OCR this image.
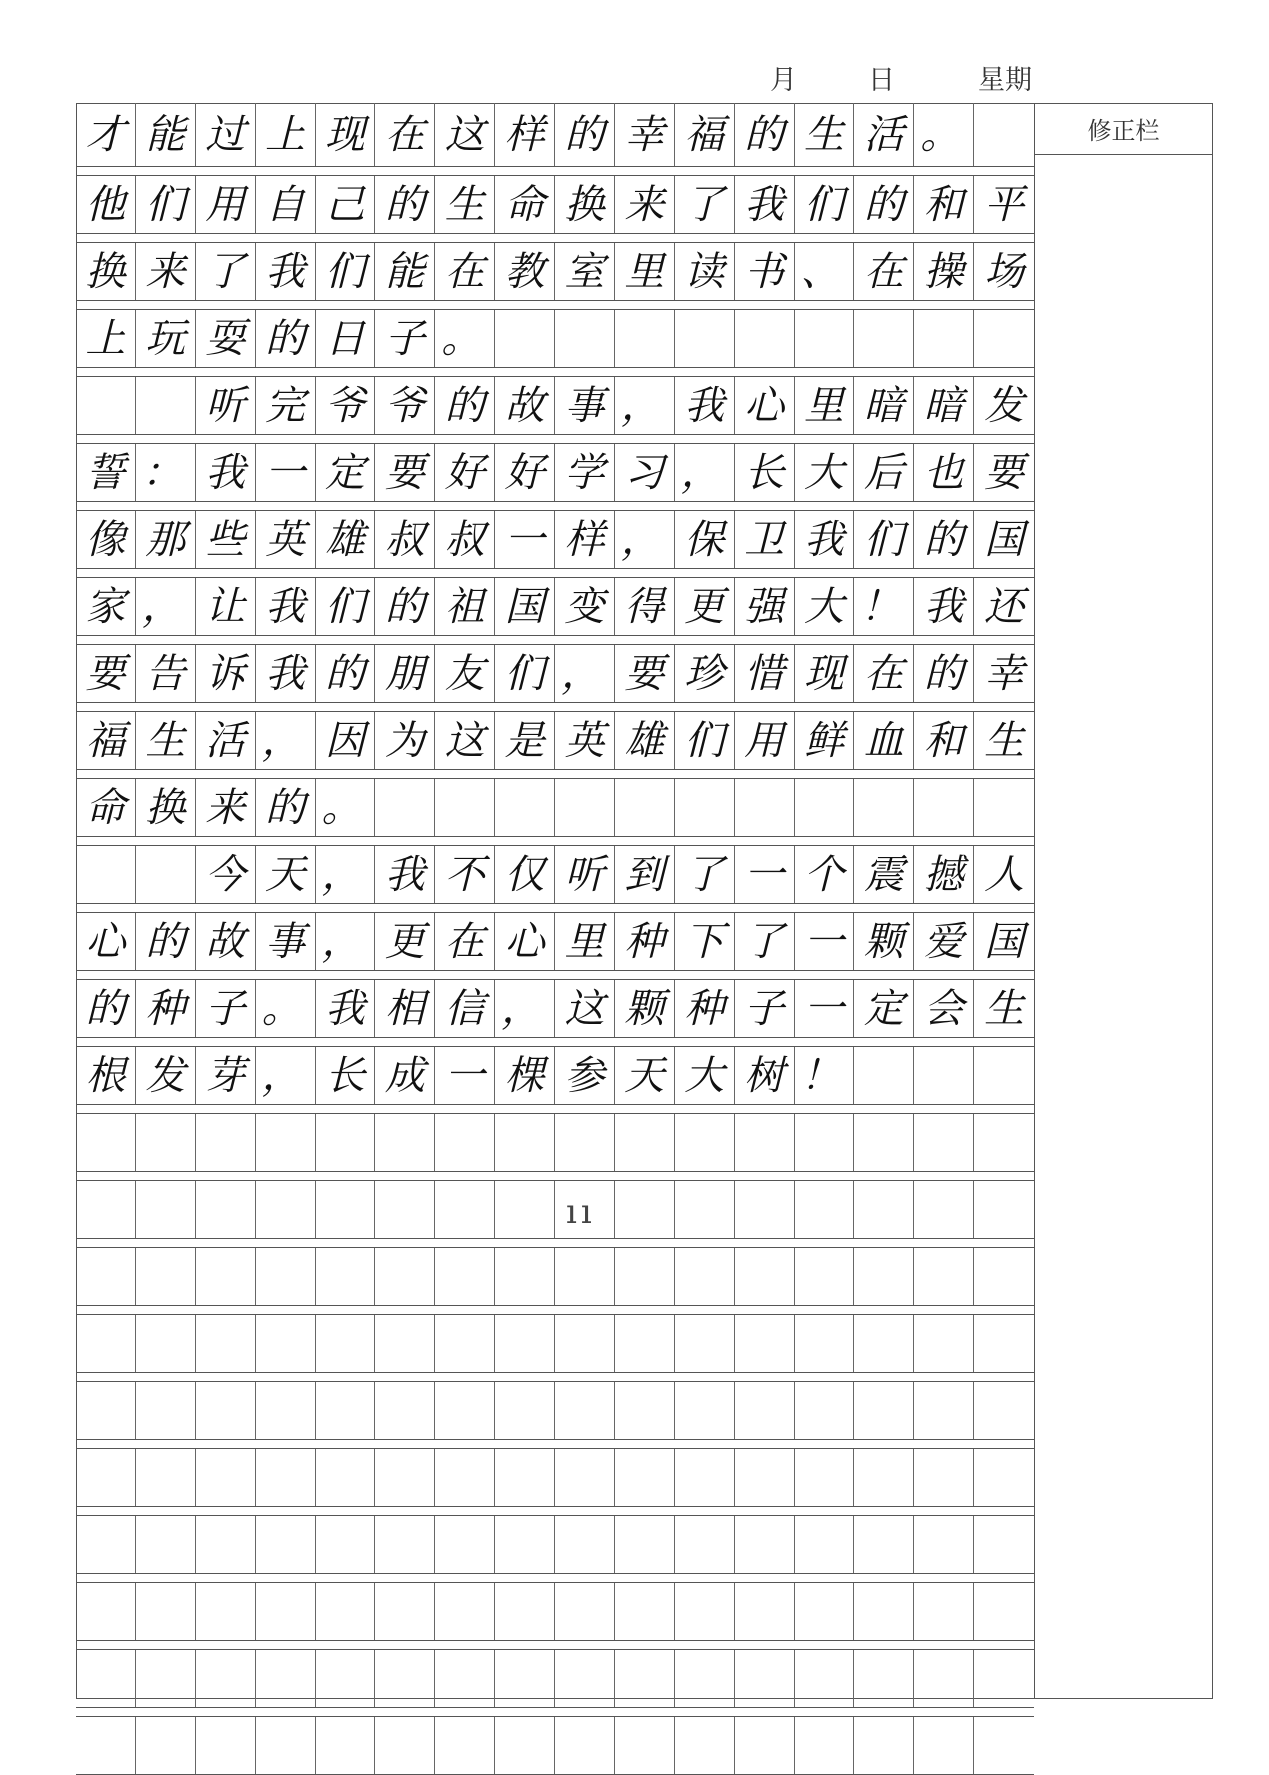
月	日	星期
修正栏
才 能 过 上 现 在 这 样 的 幸 福 的 生 活 。
他 们 用 自 己 的 生 命 换 来 了 我 们 的 和 平
换 来 了 我 们 能 在 教 室 里 读 书 、 在 操 场
上 玩 耍 的 日 子 。
听 完 爷 爷 的 故 事 ， 我 心 里 暗 暗 发
誓 ： 我 一 定 要 好 好 学 习 ， 长 大 后 也 要
像 那 些 英 雄 叔 叔 一 样 ， 保 卫 我 们 的 国
家 ， 让 我 们 的 祖 国 变 得 更 强 大 ！ 我 还
要 告 诉 我 的 朋 友 们 ， 要 珍 惜 现 在 的 幸
福 生 活 ， 因 为 这 是 英 雄 们 用 鲜 血 和 生
命 换 来 的 。
今 天 ， 我 不 仅 听 到 了 一 个 震 撼 人
心 的 故 事 ， 更 在 心 里 种 下 了 一 颗 爱 国
的 种 子 。 我 相 信 ， 这 颗 种 子 一 定 会 生
根 发 芽 ， 长 成 一 棵 参 天 大 树 ！
ıı
